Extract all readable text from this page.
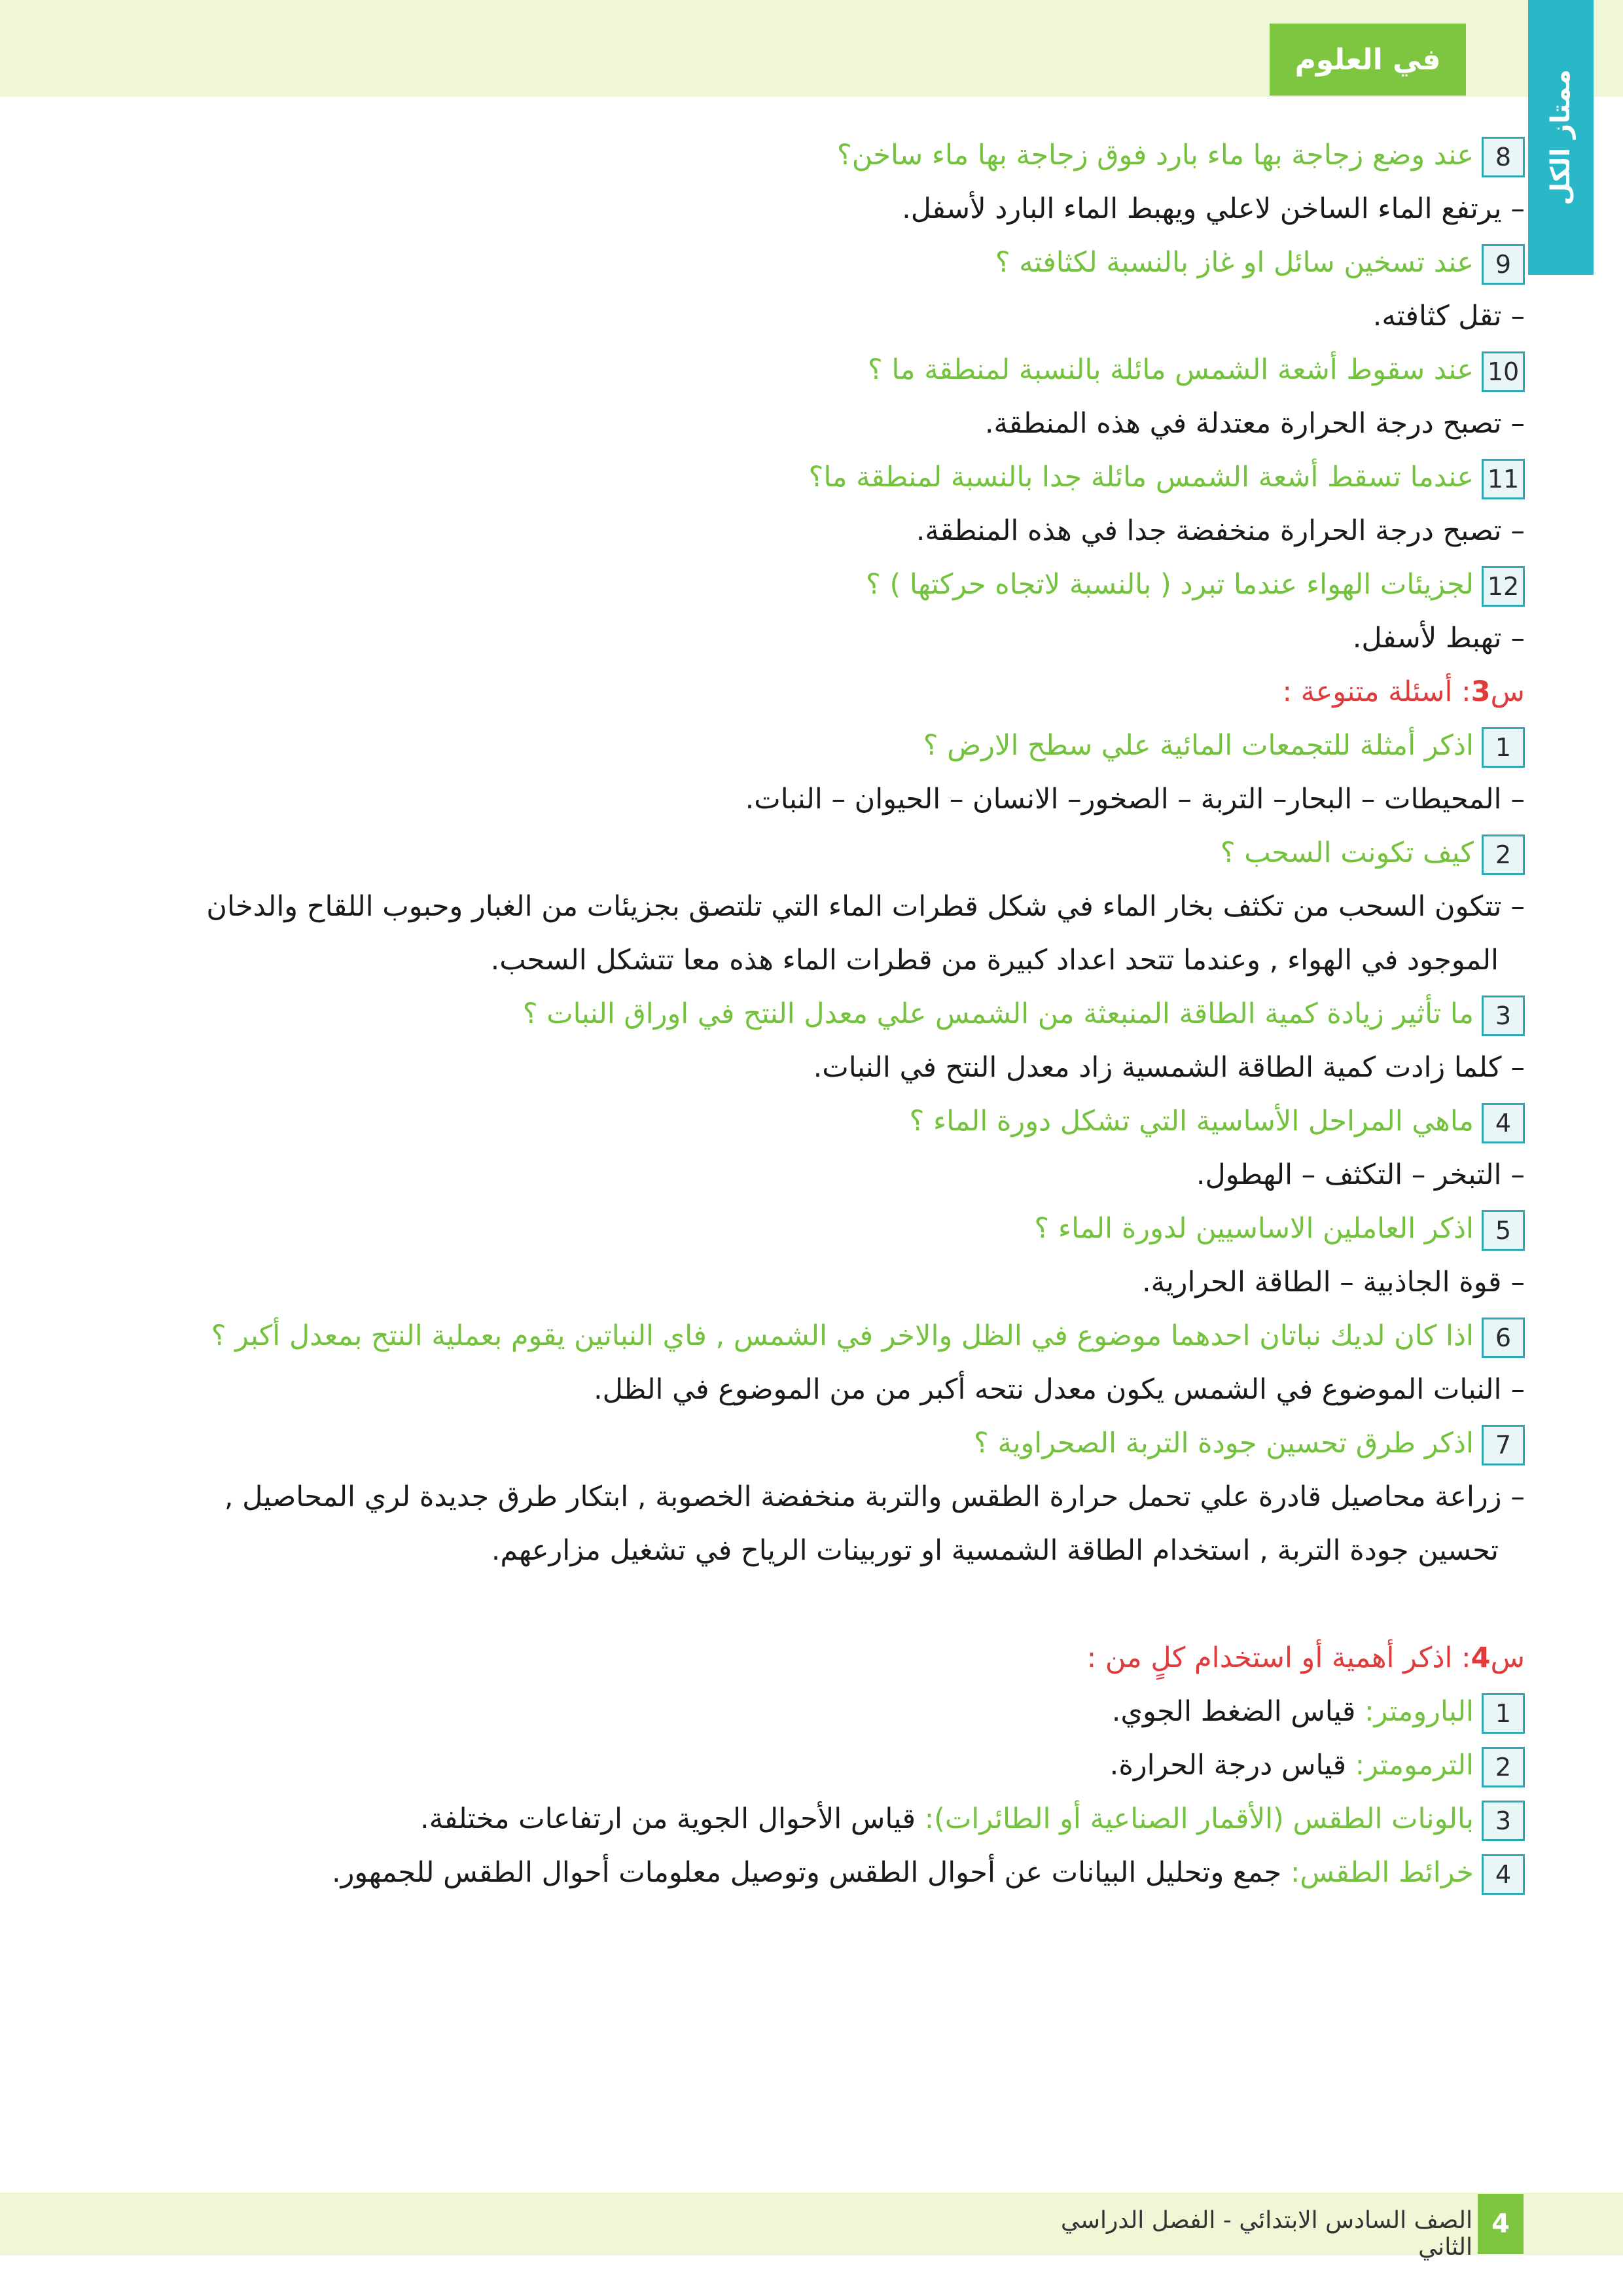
في العلوم
ممتاز الكل
8عند وضع زجاجة بها ماء بارد فوق زجاجة بها ماء ساخن؟
–يرتفع الماء الساخن لاعلي ويهبط الماء البارد لأسفل.
9عند تسخين سائل او غاز بالنسبة لكثافته ؟
–تقل كثافته.
10عند سقوط أشعة الشمس مائلة بالنسبة لمنطقة ما ؟
–تصبح درجة الحرارة معتدلة في هذه المنطقة.
11عندما تسقط أشعة الشمس مائلة جدا بالنسبة لمنطقة ما؟
–تصبح درجة الحرارة منخفضة جدا في هذه المنطقة.
12لجزيئات الهواء عندما تبرد ( بالنسبة لاتجاه حركتها ) ؟
–تهبط لأسفل.
س3: أسئلة متنوعة :
1اذكر أمثلة للتجمعات المائية علي سطح الارض ؟
–المحيطات – البحار– التربة – الصخور– الانسان – الحيوان – النبات.
2كيف تكونت السحب ؟
–تتكون السحب من تكثف بخار الماء في شكل قطرات الماء التي تلتصق بجزيئات من الغبار وحبوب اللقاح والدخان
الموجود في الهواء , وعندما تتحد اعداد كبيرة من قطرات الماء هذه معا تتشكل السحب.
3ما تأثير زيادة كمية الطاقة المنبعثة من الشمس علي معدل النتح في اوراق النبات ؟
–كلما زادت كمية الطاقة الشمسية زاد معدل النتح في النبات.
4ماهي المراحل الأساسية التي تشكل دورة الماء ؟
–التبخر – التكثف – الهطول.
5اذكر العاملين الاساسيين لدورة الماء ؟
–قوة الجاذبية – الطاقة الحرارية.
6اذا كان لديك نباتان احدهما موضوع في الظل والاخر في الشمس , فاي النباتين يقوم بعملية النتح بمعدل أكبر ؟
–النبات الموضوع في الشمس يكون معدل نتحه أكبر من من الموضوع في الظل.
7اذكر طرق تحسين جودة التربة الصحراوية ؟
–زراعة محاصيل قادرة علي تحمل حرارة الطقس والتربة منخفضة الخصوبة , ابتكار طرق جديدة لري المحاصيل ,
تحسين جودة التربة , استخدام الطاقة الشمسية او توربينات الرياح في تشغيل مزارعهم.
س4: اذكر أهمية أو استخدام كلٍ من :
1البارومتر: قياس الضغط الجوي.
2الترمومتر: قياس درجة الحرارة.
3بالونات الطقس (الأقمار الصناعية أو الطائرات): قياس الأحوال الجوية من ارتفاعات مختلفة.
4خرائط الطقس: جمع وتحليل البيانات عن أحوال الطقس وتوصيل معلومات أحوال الطقس للجمهور.
4
الصف السادس الابتدائي - الفصل الدراسي الثاني
